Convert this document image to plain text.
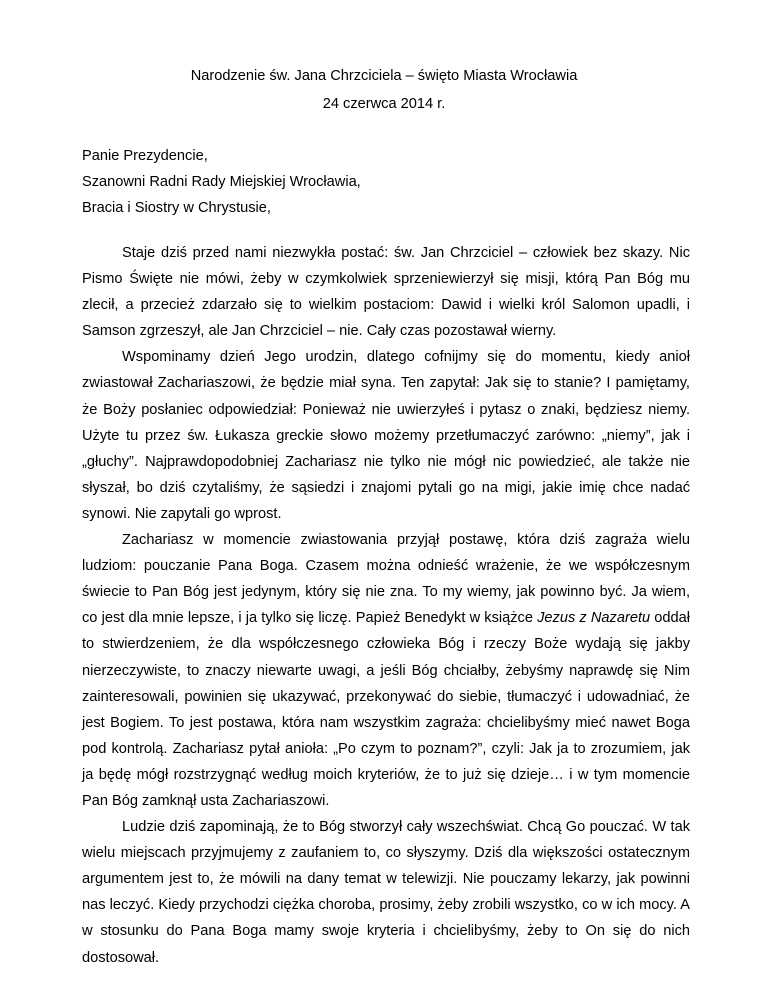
Narodzenie św. Jana Chrzciciela – święto Miasta Wrocławia
24 czerwca 2014 r.
Panie Prezydencie,
Szanowni Radni Rady Miejskiej Wrocławia,
Bracia i Siostry w Chrystusie,

Staje dziś przed nami niezwykła postać: św. Jan Chrzciciel – człowiek bez skazy. Nic Pismo Święte nie mówi, żeby w czymkolwiek sprzeniewierzył się misji, którą Pan Bóg mu zlecił, a przecież zdarzało się to wielkim postaciom: Dawid i wielki król Salomon upadli, i Samson zgrzeszył, ale Jan Chrzciciel – nie. Cały czas pozostawał wierny.

Wspominamy dzień Jego urodzin, dlatego cofnijmy się do momentu, kiedy anioł zwiastował Zachariaszowi, że będzie miał syna. Ten zapytał: Jak się to stanie? I pamiętamy, że Boży posłaniec odpowiedział: Ponieważ nie uwierzyłeś i pytasz o znaki, będziesz niemy. Użyte tu przez św. Łukasza greckie słowo możemy przetłumaczyć zarówno: „niemy”, jak i „głuchy”. Najprawdopodobniej Zachariasz nie tylko nie mógł nic powiedzieć, ale także nie słyszał, bo dziś czytaliśmy, że sąsiedzi i znajomi pytali go na migi, jakie imię chce nadać synowi. Nie zapytali go wprost.

Zachariasz w momencie zwiastowania przyjął postawę, która dziś zagraża wielu ludziom: pouczanie Pana Boga. Czasem można odnieść wrażenie, że we współczesnym świecie to Pan Bóg jest jedynym, który się nie zna. To my wiemy, jak powinno być. Ja wiem, co jest dla mnie lepsze, i ja tylko się liczę. Papież Benedykt w książce Jezus z Nazaretu oddał to stwierdzeniem, że dla współczesnego człowieka Bóg i rzeczy Boże wydają się jakby nierzeczywiste, to znaczy niewarte uwagi, a jeśli Bóg chciałby, żebyśmy naprawdę się Nim zainteresowali, powinien się ukazywać, przekonywać do siebie, tłumaczyć i udowadniać, że jest Bogiem. To jest postawa, która nam wszystkim zagraża: chcielibyśmy mieć nawet Boga pod kontrolą. Zachariasz pytał anioła: „Po czym to poznam?”, czyli: Jak ja to zrozumiem, jak ja będę mógł rozstrzygnąć według moich kryteriów, że to już się dzieje… i w tym momencie Pan Bóg zamknął usta Zachariaszowi.

Ludzie dziś zapominają, że to Bóg stworzył cały wszechświat. Chcą Go pouczać. W tak wielu miejscach przyjmujemy z zaufaniem to, co słyszymy. Dziś dla większości ostatecznym argumentem jest to, że mówili na dany temat w telewizji. Nie pouczamy lekarzy, jak powinni nas leczyć. Kiedy przychodzi ciężka choroba, prosimy, żeby zrobili wszystko, co w ich mocy. A w stosunku do Pana Boga mamy swoje kryteria i chcielibyśmy, żeby to On się do nich dostosował.
